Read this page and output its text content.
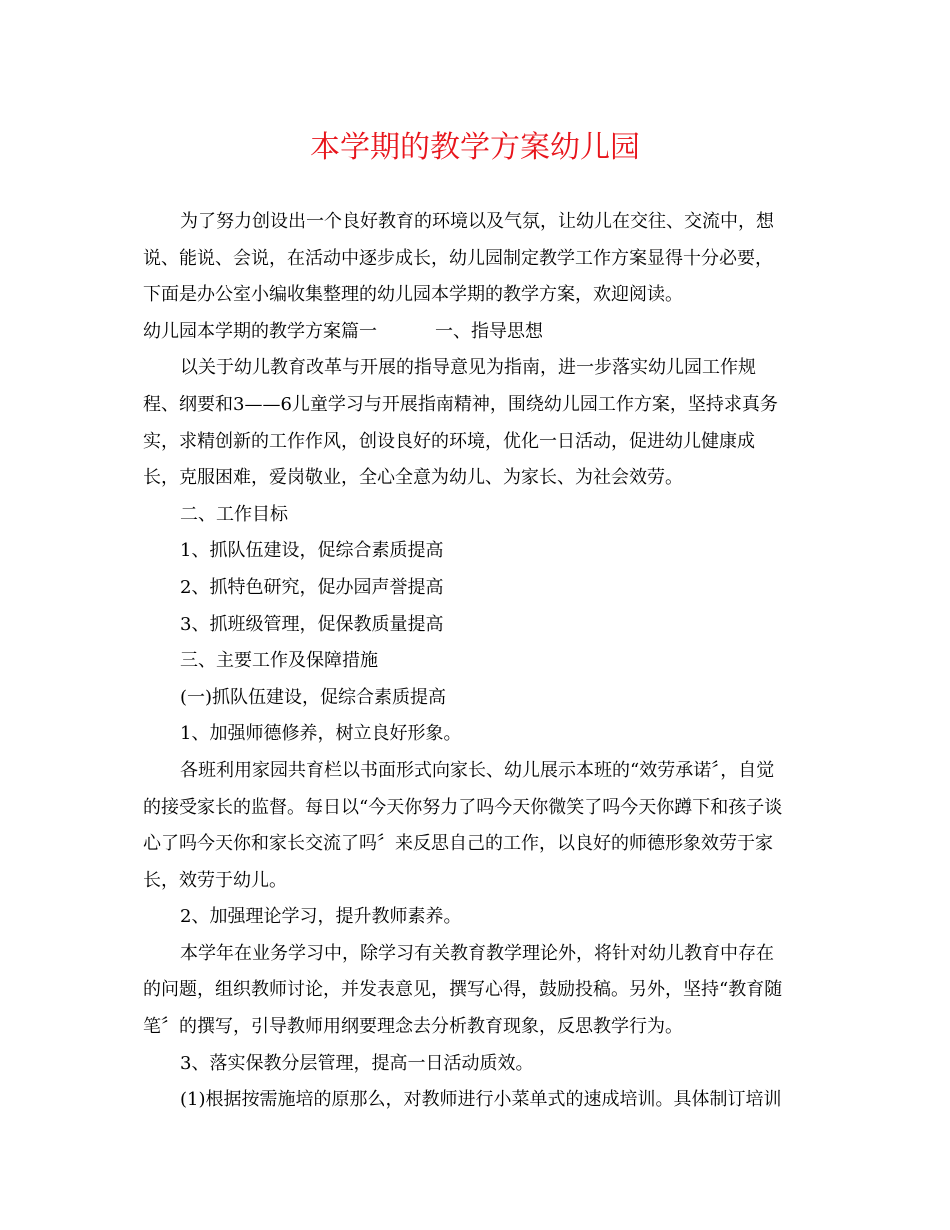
本学期的教学方案幼儿园

为了努力创设出一个良好教育的环境以及气氛，让幼儿在交往、交流中，想

说、能说、会说，在活动中逐步成长，幼儿园制定教学工作方案显得十分必要，

下面是办公室小编收集整理的幼儿园本学期的教学方案，欢迎阅读。

幼儿园本学期的教学方案篇一	一、指导思想

以关于幼儿教育改革与开展的指导意见为指南，进一步落实幼儿园工作规

程、纲要和3——6儿童学习与开展指南精神，围绕幼儿园工作方案，坚持求真务

实，求精创新的工作作风，创设良好的环境，优化一日活动，促进幼儿健康成

长，克服困难，爱岗敬业，全心全意为幼儿、为家长、为社会效劳。

二、工作目标

1、抓队伍建设，促综合素质提高

2、抓特色研究，促办园声誉提高

3、抓班级管理，促保教质量提高

三、主要工作及保障措施

(一)抓队伍建设，促综合素质提高

1、加强师德修养，树立良好形象。

各班利用家园共育栏以书面形式向家长、幼儿展示本班的“效劳承诺〞，自觉

的接受家长的监督。每日以“今天你努力了吗今天你微笑了吗今天你蹲下和孩子谈

心了吗今天你和家长交流了吗〞来反思自己的工作，以良好的师德形象效劳于家

长，效劳于幼儿。

2、加强理论学习，提升教师素养。

本学年在业务学习中，除学习有关教育教学理论外，将针对幼儿教育中存在

的问题，组织教师讨论，并发表意见，撰写心得，鼓励投稿。另外，坚持“教育随

笔〞的撰写，引导教师用纲要理念去分析教育现象，反思教学行为。

3、落实保教分层管理，提高一日活动质效。

(1)根据按需施培的原那么，对教师进行小菜单式的速成培训。具体制订培训
